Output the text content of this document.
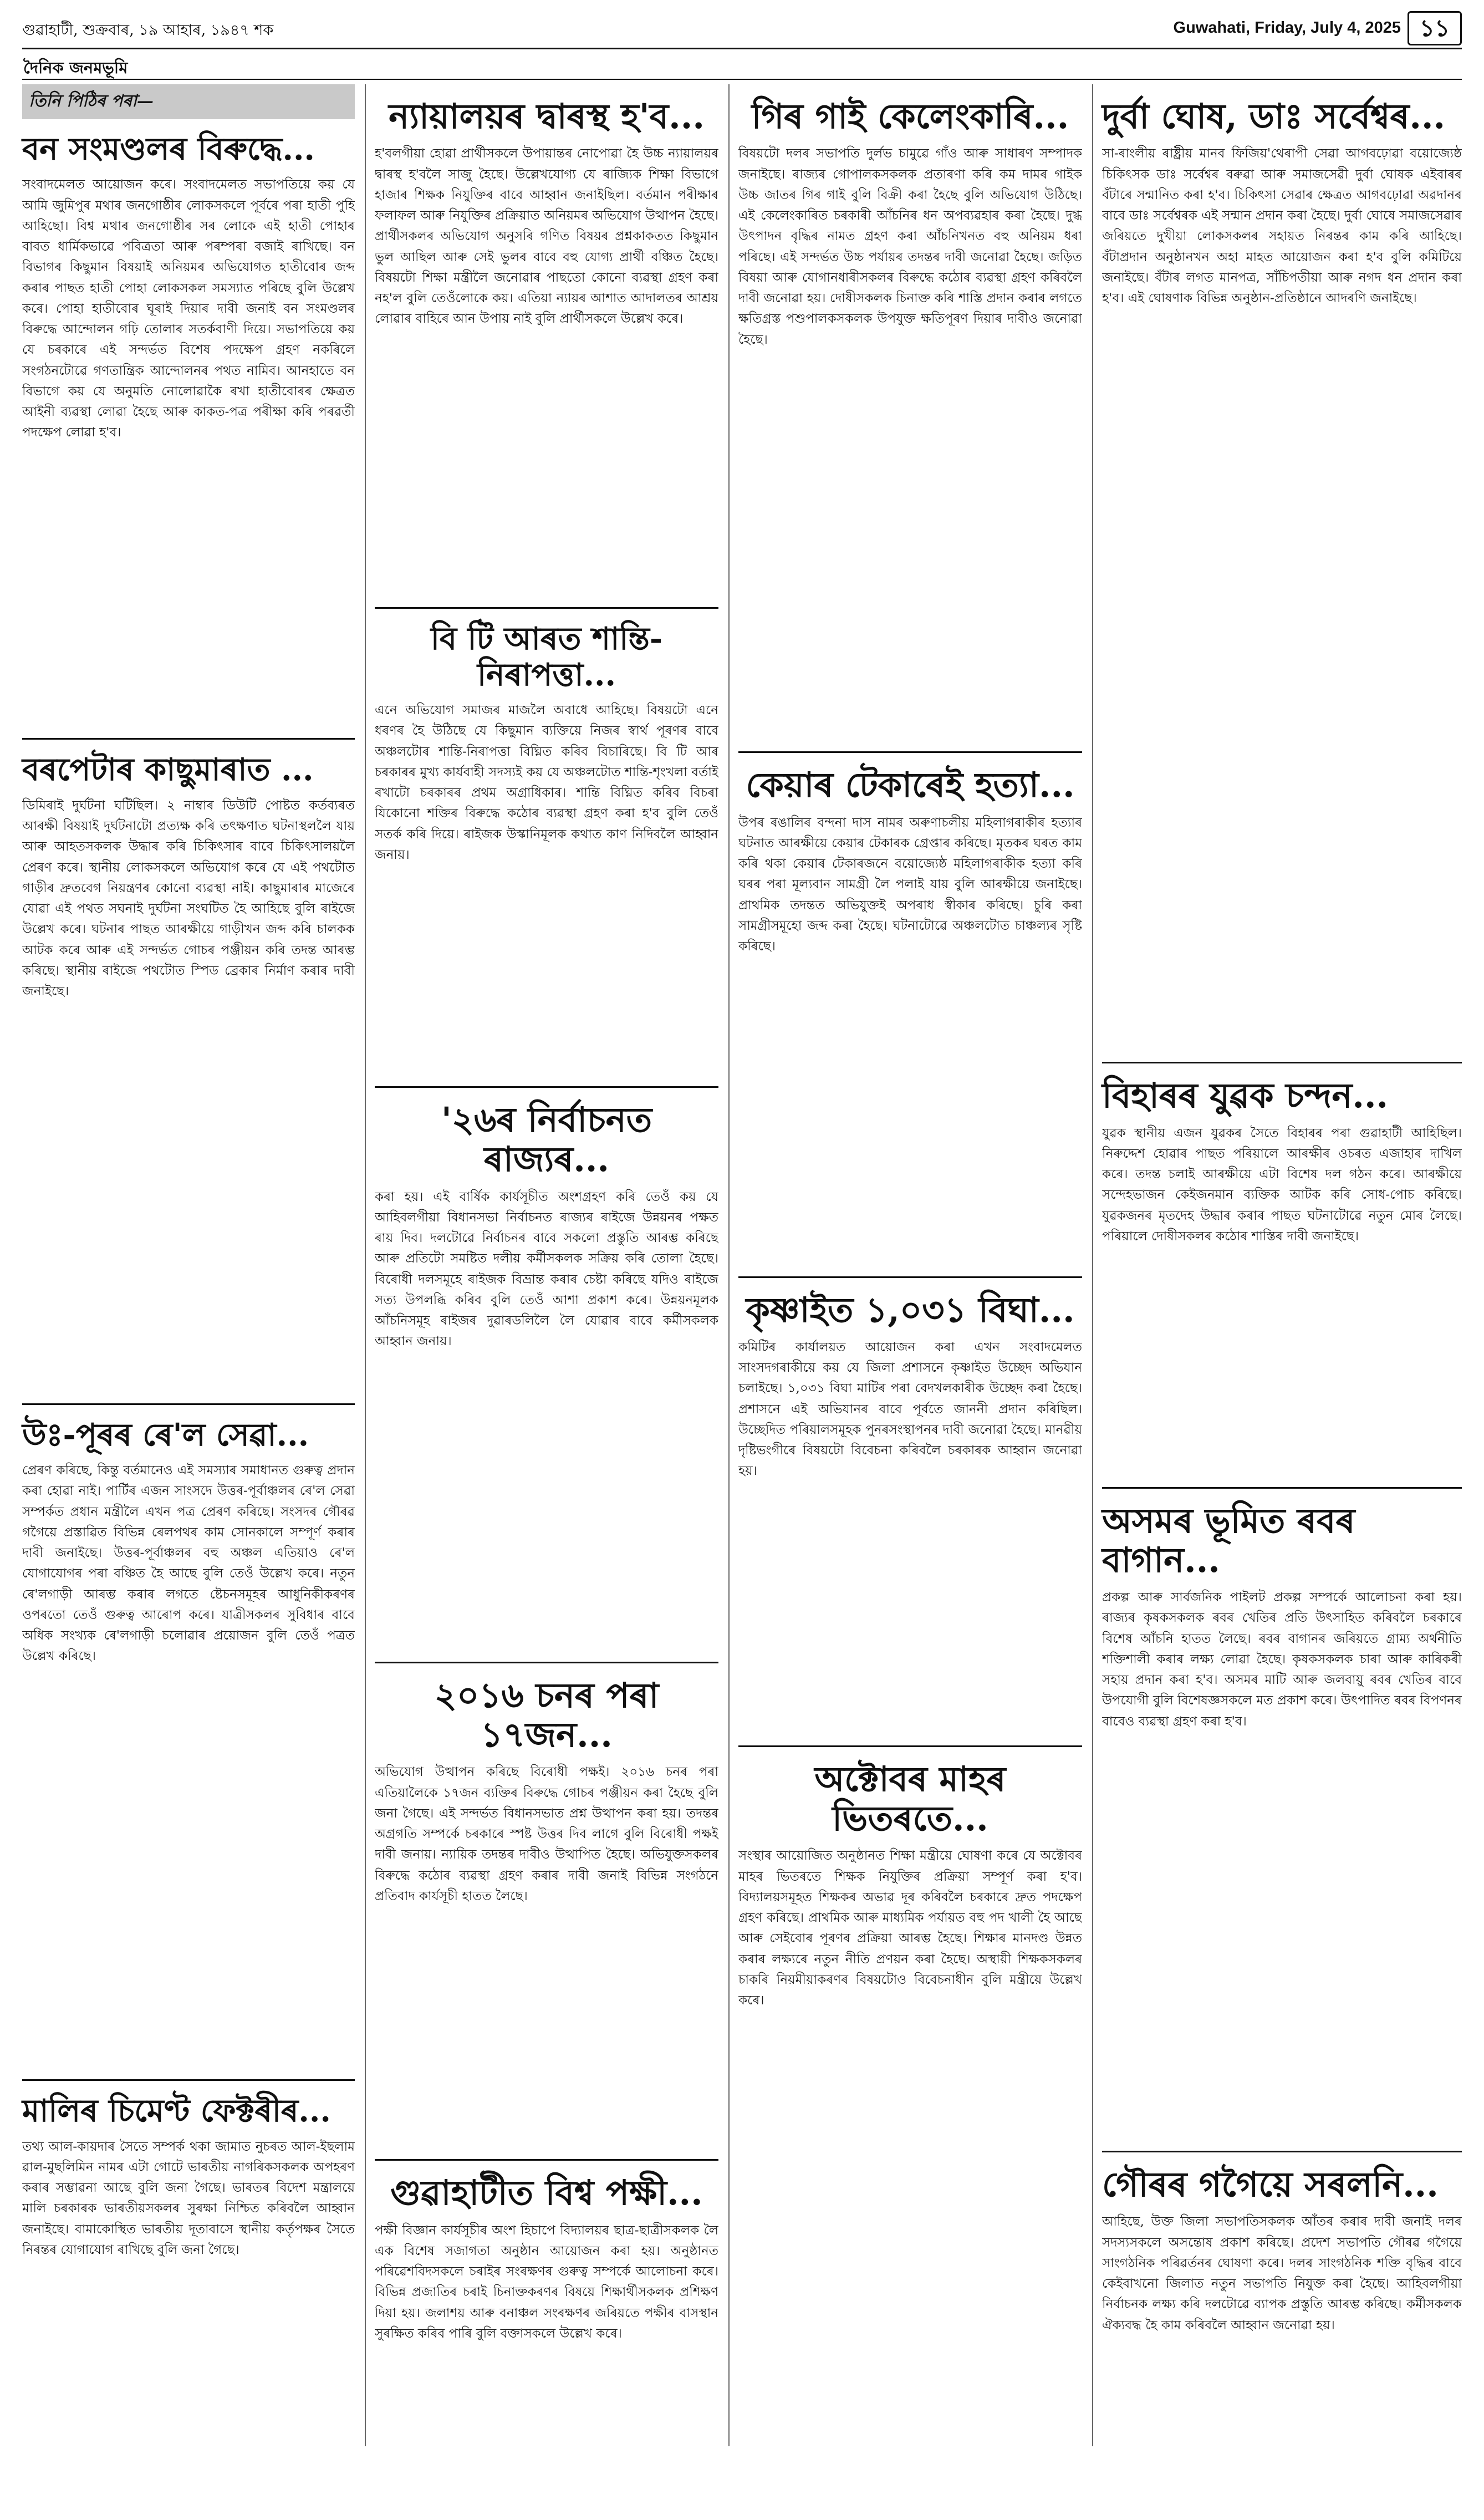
গুৱাহাটী, শুক্ৰবাৰ, ১৯ আহাৰ, ১৯৪৭ শক	Guwahati, Friday, July 4, 2025 ১১
দৈনিক জনমভূমি
তিনি পিঠিৰ পৰা—
বন সংমণ্ডলৰ বিৰুদ্ধে...

সংবাদমেলত আয়োজন কৰে। সংবাদমেলত সভাপতিয়ে কয় যে আমি জুমিপুৰ মথাৰ জনগোষ্ঠীৰ লোকসকলে পূৰ্বৰে পৰা হাতী পুহি আহিছো। বিশ্ব মথাৰ জনগোষ্ঠীৰ সৰ লোকে এই হাতী পোহাৰ বাবত ধাৰ্মিকভাৱে পবিত্ৰতা আৰু পৰম্পৰা বজাই ৰাখিছে। বন বিভাগৰ কিছুমান বিষয়াই অনিয়মৰ অভিযোগত হাতীবোৰ জব্দ কৰাৰ পাছত হাতী পোহা লোকসকল সমস্যাত পৰিছে বুলি উল্লেখ কৰে। পোহা হাতীবোৰ ঘূৰাই দিয়াৰ দাবী জনাই বন সংমণ্ডলৰ বিৰুদ্ধে আন্দোলন গঢ়ি তোলাৰ সতৰ্কবাণী দিয়ে। সভাপতিয়ে কয় যে চৰকাৰে এই সন্দৰ্ভত বিশেষ পদক্ষেপ গ্ৰহণ নকৰিলে সংগঠনটোৱে গণতান্ত্ৰিক আন্দোলনৰ পথত নামিব। আনহাতে বন বিভাগে কয় যে অনুমতি নোলোৱাকৈ ৰখা হাতীবোৰৰ ক্ষেত্ৰত আইনী ব্যৱস্থা লোৱা হৈছে আৰু কাকত-পত্ৰ পৰীক্ষা কৰি পৰৱৰ্তী পদক্ষেপ লোৱা হ'ব।

বৰপেটাৰ কাছুমাৰাত ...

ডিমিৰাই দুৰ্ঘটনা ঘটিছিল। ২ নাম্বাৰ ডিউটি পোষ্টত কৰ্তব্যৰত আৰক্ষী বিষয়াই দুৰ্ঘটনাটো প্ৰত্যক্ষ কৰি তৎক্ষণাত ঘটনাস্থললৈ যায় আৰু আহতসকলক উদ্ধাৰ কৰি চিকিৎসাৰ বাবে চিকিৎসালয়লৈ প্ৰেৰণ কৰে। স্থানীয় লোকসকলে অভিযোগ কৰে যে এই পথটোত গাড়ীৰ দ্ৰুতবেগ নিয়ন্ত্ৰণৰ কোনো ব্যৱস্থা নাই। কাছুমাৰাৰ মাজেৰে যোৱা এই পথত সঘনাই দুৰ্ঘটনা সংঘটিত হৈ আহিছে বুলি ৰাইজে উল্লেখ কৰে। ঘটনাৰ পাছত আৰক্ষীয়ে গাড়ীখন জব্দ কৰি চালকক আটক কৰে আৰু এই সন্দৰ্ভত গোচৰ পঞ্জীয়ন কৰি তদন্ত আৰম্ভ কৰিছে। স্থানীয় ৰাইজে পথটোত স্পিড ব্ৰেকাৰ নিৰ্মাণ কৰাৰ দাবী জনাইছে।

উঃ-পূৰৰ ৰে'ল সেৱা...

প্ৰেৰণ কৰিছে, কিন্তু বৰ্তমানেও এই সমস্যাৰ সমাধানত গুৰুত্ব প্ৰদান কৰা হোৱা নাই। পাৰ্টিৰ এজন সাংসদে উত্তৰ-পূৰ্বাঞ্চলৰ ৰে'ল সেৱা সম্পৰ্কত প্ৰধান মন্ত্ৰীলৈ এখন পত্ৰ প্ৰেৰণ কৰিছে। সংসদৰ গৌৰৱ গগৈয়ে প্ৰস্তাৱিত বিভিন্ন ৰেলপথৰ কাম সোনকালে সম্পূৰ্ণ কৰাৰ দাবী জনাইছে। উত্তৰ-পূৰ্বাঞ্চলৰ বহু অঞ্চল এতিয়াও ৰে'ল যোগাযোগৰ পৰা বঞ্চিত হৈ আছে বুলি তেওঁ উল্লেখ কৰে। নতুন ৰে'লগাড়ী আৰম্ভ কৰাৰ লগতে ষ্টেচনসমূহৰ আধুনিকীকৰণৰ ওপৰতো তেওঁ গুৰুত্ব আৰোপ কৰে। যাত্ৰীসকলৰ সুবিধাৰ বাবে অধিক সংখ্যক ৰে'লগাড়ী চলোৱাৰ প্ৰয়োজন বুলি তেওঁ পত্ৰত উল্লেখ কৰিছে।

মালিৰ চিমেণ্ট ফেক্টৰীৰ...

তথ্য আল-কায়দাৰ সৈতে সম্পৰ্ক থকা জামাত নুচৰত আল-ইছলাম ৱাল-মুছলিমিন নামৰ এটা গোটে ভাৰতীয় নাগৰিকসকলক অপহৰণ কৰাৰ সম্ভাৱনা আছে বুলি জনা গৈছে। ভাৰতৰ বিদেশ মন্ত্ৰালয়ে মালি চৰকাৰক ভাৰতীয়সকলৰ সুৰক্ষা নিশ্চিত কৰিবলৈ আহ্বান জনাইছে। বামাকোস্থিত ভাৰতীয় দূতাবাসে স্থানীয় কৰ্তৃপক্ষৰ সৈতে নিৰন্তৰ যোগাযোগ ৰাখিছে বুলি জনা গৈছে।

ন্যায়ালয়ৰ দ্বাৰস্থ হ'ব...

হ'বলগীয়া হোৱা প্ৰাৰ্থীসকলে উপায়ান্তৰ নোপোৱা হৈ উচ্চ ন্যায়ালয়ৰ দ্বাৰস্থ হ'বলৈ সাজু হৈছে। উল্লেখযোগ্য যে ৰাজ্যিক শিক্ষা বিভাগে হাজাৰ শিক্ষক নিযুক্তিৰ বাবে আহ্বান জনাইছিল। বৰ্তমান পৰীক্ষাৰ ফলাফল আৰু নিযুক্তিৰ প্ৰক্ৰিয়াত অনিয়মৰ অভিযোগ উত্থাপন হৈছে। প্ৰাৰ্থীসকলৰ অভিযোগ অনুসৰি গণিত বিষয়ৰ প্ৰশ্নকাকতত কিছুমান ভুল আছিল আৰু সেই ভুলৰ বাবে বহু যোগ্য প্ৰাৰ্থী বঞ্চিত হৈছে। বিষয়টো শিক্ষা মন্ত্ৰীলৈ জনোৱাৰ পাছতো কোনো ব্যৱস্থা গ্ৰহণ কৰা নহ'ল বুলি তেওঁলোকে কয়। এতিয়া ন্যায়ৰ আশাত আদালতৰ আশ্ৰয় লোৱাৰ বাহিৰে আন উপায় নাই বুলি প্ৰাৰ্থীসকলে উল্লেখ কৰে।

বি টি আৰত শান্তি-নিৰাপত্তা...

এনে অভিযোগ সমাজৰ মাজলৈ অবাধে আহিছে। বিষয়টো এনে ধৰণৰ হৈ উঠিছে যে কিছুমান ব্যক্তিয়ে নিজৰ স্বাৰ্থ পূৰণৰ বাবে অঞ্চলটোৰ শান্তি-নিৰাপত্তা বিঘ্নিত কৰিব বিচাৰিছে। বি টি আৰ চৰকাৰৰ মুখ্য কাৰ্যবাহী সদস্যই কয় যে অঞ্চলটোত শান্তি-শৃংখলা বৰ্তাই ৰখাটো চৰকাৰৰ প্ৰথম অগ্ৰাধিকাৰ। শান্তি বিঘ্নিত কৰিব বিচৰা যিকোনো শক্তিৰ বিৰুদ্ধে কঠোৰ ব্যৱস্থা গ্ৰহণ কৰা হ'ব বুলি তেওঁ সতৰ্ক কৰি দিয়ে। ৰাইজক উস্কানিমূলক কথাত কাণ নিদিবলৈ আহ্বান জনায়।

'২৬ৰ নিৰ্বাচনত ৰাজ্যৰ...

কৰা হয়। এই বাৰ্ষিক কাৰ্যসূচীত অংশগ্ৰহণ কৰি তেওঁ কয় যে আহিবলগীয়া বিধানসভা নিৰ্বাচনত ৰাজ্যৰ ৰাইজে উন্নয়নৰ পক্ষত ৰায় দিব। দলটোৱে নিৰ্বাচনৰ বাবে সকলো প্ৰস্তুতি আৰম্ভ কৰিছে আৰু প্ৰতিটো সমষ্টিত দলীয় কৰ্মীসকলক সক্ৰিয় কৰি তোলা হৈছে। বিৰোধী দলসমূহে ৰাইজক বিভ্ৰান্ত কৰাৰ চেষ্টা কৰিছে যদিও ৰাইজে সত্য উপলব্ধি কৰিব বুলি তেওঁ আশা প্ৰকাশ কৰে। উন্নয়নমূলক আঁচনিসমূহ ৰাইজৰ দুৱাৰডলিলৈ লৈ যোৱাৰ বাবে কৰ্মীসকলক আহ্বান জনায়।

২০১৬ চনৰ পৰা ১৭জন...

অভিযোগ উত্থাপন কৰিছে বিৰোধী পক্ষই। ২০১৬ চনৰ পৰা এতিয়ালৈকে ১৭জন ব্যক্তিৰ বিৰুদ্ধে গোচৰ পঞ্জীয়ন কৰা হৈছে বুলি জনা গৈছে। এই সন্দৰ্ভত বিধানসভাত প্ৰশ্ন উত্থাপন কৰা হয়। তদন্তৰ অগ্ৰগতি সম্পৰ্কে চৰকাৰে স্পষ্ট উত্তৰ দিব লাগে বুলি বিৰোধী পক্ষই দাবী জনায়। ন্যায়িক তদন্তৰ দাবীও উত্থাপিত হৈছে। অভিযুক্তসকলৰ বিৰুদ্ধে কঠোৰ ব্যৱস্থা গ্ৰহণ কৰাৰ দাবী জনাই বিভিন্ন সংগঠনে প্ৰতিবাদ কাৰ্যসূচী হাতত লৈছে।

গুৱাহাটীত বিশ্ব পক্ষী...

পক্ষী বিজ্ঞান কাৰ্যসূচীৰ অংশ হিচাপে বিদ্যালয়ৰ ছাত্ৰ-ছাত্ৰীসকলক লৈ এক বিশেষ সজাগতা অনুষ্ঠান আয়োজন কৰা হয়। অনুষ্ঠানত পৰিৱেশবিদসকলে চৰাইৰ সংৰক্ষণৰ গুৰুত্ব সম্পৰ্কে আলোচনা কৰে। বিভিন্ন প্ৰজাতিৰ চৰাই চিনাক্তকৰণৰ বিষয়ে শিক্ষাৰ্থীসকলক প্ৰশিক্ষণ দিয়া হয়। জলাশয় আৰু বনাঞ্চল সংৰক্ষণৰ জৰিয়তে পক্ষীৰ বাসস্থান সুৰক্ষিত কৰিব পাৰি বুলি বক্তাসকলে উল্লেখ কৰে।

গিৰ গাই কেলেংকাৰি...

বিষয়টো দলৰ সভাপতি দুৰ্লভ চামুৱে গাঁও আৰু সাধাৰণ সম্পাদক জনাইছে। ৰাজ্যৰ গোপালকসকলক প্ৰতাৰণা কৰি কম দামৰ গাইক উচ্চ জাতৰ গিৰ গাই বুলি বিক্ৰী কৰা হৈছে বুলি অভিযোগ উঠিছে। এই কেলেংকাৰিত চৰকাৰী আঁচনিৰ ধন অপব্যৱহাৰ কৰা হৈছে। দুগ্ধ উৎপাদন বৃদ্ধিৰ নামত গ্ৰহণ কৰা আঁচনিখনত বহু অনিয়ম ধৰা পৰিছে। এই সন্দৰ্ভত উচ্চ পৰ্যায়ৰ তদন্তৰ দাবী জনোৱা হৈছে। জড়িত বিষয়া আৰু যোগানধাৰীসকলৰ বিৰুদ্ধে কঠোৰ ব্যৱস্থা গ্ৰহণ কৰিবলৈ দাবী জনোৱা হয়। দোষীসকলক চিনাক্ত কৰি শাস্তি প্ৰদান কৰাৰ লগতে ক্ষতিগ্ৰস্ত পশুপালকসকলক উপযুক্ত ক্ষতিপূৰণ দিয়াৰ দাবীও জনোৱা হৈছে।

কেয়াৰ টেকাৰেই হত্যা...

উপৰ ৰঙালিৰ বন্দনা দাস নামৰ অৰুণাচলীয় মহিলাগৰাকীৰ হত্যাৰ ঘটনাত আৰক্ষীয়ে কেয়াৰ টেকাৰক গ্ৰেপ্তাৰ কৰিছে। মৃতকৰ ঘৰত কাম কৰি থকা কেয়াৰ টেকাৰজনে বয়োজ্যেষ্ঠ মহিলাগৰাকীক হত্যা কৰি ঘৰৰ পৰা মূল্যবান সামগ্ৰী লৈ পলাই যায় বুলি আৰক্ষীয়ে জনাইছে। প্ৰাথমিক তদন্তত অভিযুক্তই অপৰাধ স্বীকাৰ কৰিছে। চুৰি কৰা সামগ্ৰীসমূহো জব্দ কৰা হৈছে। ঘটনাটোৱে অঞ্চলটোত চাঞ্চল্যৰ সৃষ্টি কৰিছে।

কৃষ্ণাইত ১,০৩১ বিঘা...

কমিটিৰ কাৰ্যালয়ত আয়োজন কৰা এখন সংবাদমেলত সাংসদগৰাকীয়ে কয় যে জিলা প্ৰশাসনে কৃষ্ণাইত উচ্ছেদ অভিযান চলাইছে। ১,০৩১ বিঘা মাটিৰ পৰা বেদখলকাৰীক উচ্ছেদ কৰা হৈছে। প্ৰশাসনে এই অভিযানৰ বাবে পূৰ্বতে জাননী প্ৰদান কৰিছিল। উচ্ছেদিত পৰিয়ালসমূহক পুনৰসংস্থাপনৰ দাবী জনোৱা হৈছে। মানৱীয় দৃষ্টিভংগীৰে বিষয়টো বিবেচনা কৰিবলৈ চৰকাৰক আহ্বান জনোৱা হয়।

অক্টোবৰ মাহৰ ভিতৰতে...

সংস্থাৰ আয়োজিত অনুষ্ঠানত শিক্ষা মন্ত্ৰীয়ে ঘোষণা কৰে যে অক্টোবৰ মাহৰ ভিতৰতে শিক্ষক নিযুক্তিৰ প্ৰক্ৰিয়া সম্পূৰ্ণ কৰা হ'ব। বিদ্যালয়সমূহত শিক্ষকৰ অভাৱ দূৰ কৰিবলৈ চৰকাৰে দ্ৰুত পদক্ষেপ গ্ৰহণ কৰিছে। প্ৰাথমিক আৰু মাধ্যমিক পৰ্যায়ত বহু পদ খালী হৈ আছে আৰু সেইবোৰ পূৰণৰ প্ৰক্ৰিয়া আৰম্ভ হৈছে। শিক্ষাৰ মানদণ্ড উন্নত কৰাৰ লক্ষ্যৰে নতুন নীতি প্ৰণয়ন কৰা হৈছে। অস্থায়ী শিক্ষকসকলৰ চাকৰি নিয়মীয়াকৰণৰ বিষয়টোও বিবেচনাধীন বুলি মন্ত্ৰীয়ে উল্লেখ কৰে।

দুৰ্বা ঘোষ, ডাঃ সৰ্বেশ্বৰ...

সা-ৰাংলীয় ৰাষ্ট্ৰীয় মানব ফিজিয়'থেৰাপী সেৱা আগবঢ়োৱা বয়োজ্যেষ্ঠ চিকিৎসক ডাঃ সৰ্বেশ্বৰ বৰুৱা আৰু সমাজসেৱী দুৰ্বা ঘোষক এইবাৰৰ বঁটাৰে সন্মানিত কৰা হ'ব। চিকিৎসা সেৱাৰ ক্ষেত্ৰত আগবঢ়োৱা অৱদানৰ বাবে ডাঃ সৰ্বেশ্বৰক এই সন্মান প্ৰদান কৰা হৈছে। দুৰ্বা ঘোষে সমাজসেৱাৰ জৰিয়তে দুখীয়া লোকসকলৰ সহায়ত নিৰন্তৰ কাম কৰি আহিছে। বঁটাপ্ৰদান অনুষ্ঠানখন অহা মাহত আয়োজন কৰা হ'ব বুলি কমিটিয়ে জনাইছে। বঁটাৰ লগত মানপত্ৰ, সাঁচিপতীয়া আৰু নগদ ধন প্ৰদান কৰা হ'ব। এই ঘোষণাক বিভিন্ন অনুষ্ঠান-প্ৰতিষ্ঠানে আদৰণি জনাইছে।

বিহাৰৰ যুৱক চন্দন...

যুৱক স্থানীয় এজন যুৱকৰ সৈতে বিহাৰৰ পৰা গুৱাহাটী আহিছিল। নিৰুদ্দেশ হোৱাৰ পাছত পৰিয়ালে আৰক্ষীৰ ওচৰত এজাহাৰ দাখিল কৰে। তদন্ত চলাই আৰক্ষীয়ে এটা বিশেষ দল গঠন কৰে। আৰক্ষীয়ে সন্দেহভাজন কেইজনমান ব্যক্তিক আটক কৰি সোধ-পোচ কৰিছে। যুৱকজনৰ মৃতদেহ উদ্ধাৰ কৰাৰ পাছত ঘটনাটোৱে নতুন মোৰ লৈছে। পৰিয়ালে দোষীসকলৰ কঠোৰ শাস্তিৰ দাবী জনাইছে।

অসমৰ ভূমিত ৰবৰ বাগান...

প্ৰকল্প আৰু সাৰ্বজনিক পাইলট প্ৰকল্প সম্পৰ্কে আলোচনা কৰা হয়। ৰাজ্যৰ কৃষকসকলক ৰবৰ খেতিৰ প্ৰতি উৎসাহিত কৰিবলৈ চৰকাৰে বিশেষ আঁচনি হাতত লৈছে। ৰবৰ বাগানৰ জৰিয়তে গ্ৰাম্য অৰ্থনীতি শক্তিশালী কৰাৰ লক্ষ্য লোৱা হৈছে। কৃষকসকলক চাৰা আৰু কাৰিকৰী সহায় প্ৰদান কৰা হ'ব। অসমৰ মাটি আৰু জলবায়ু ৰবৰ খেতিৰ বাবে উপযোগী বুলি বিশেষজ্ঞসকলে মত প্ৰকাশ কৰে। উৎপাদিত ৰবৰ বিপণনৰ বাবেও ব্যৱস্থা গ্ৰহণ কৰা হ'ব।

গৌৰৰ গগৈয়ে সৰলনি...

আহিছে, উক্ত জিলা সভাপতিসকলক আঁতৰ কৰাৰ দাবী জনাই দলৰ সদস্যসকলে অসন্তোষ প্ৰকাশ কৰিছে। প্ৰদেশ সভাপতি গৌৰৱ গগৈয়ে সাংগঠনিক পৰিৱৰ্তনৰ ঘোষণা কৰে। দলৰ সাংগঠনিক শক্তি বৃদ্ধিৰ বাবে কেইবাখনো জিলাত নতুন সভাপতি নিযুক্ত কৰা হৈছে। আহিবলগীয়া নিৰ্বাচনক লক্ষ্য কৰি দলটোৱে ব্যাপক প্ৰস্তুতি আৰম্ভ কৰিছে। কৰ্মীসকলক ঐক্যবদ্ধ হৈ কাম কৰিবলৈ আহ্বান জনোৱা হয়।
